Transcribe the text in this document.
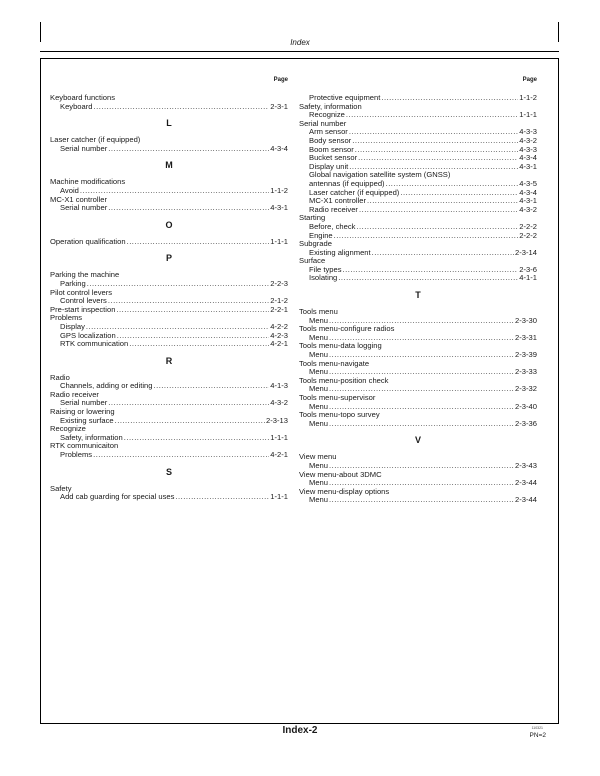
Index
Page
Keyboard functions
Keyboard .....	2-3-1
L
Laser catcher (if equipped)
Serial number .....	4-3-4
M
Machine modifications
Avoid .....	1-1-2
MC-X1 controller
Serial number .....	4-3-1
O
Operation qualification .....	1-1-1
P
Parking the machine
Parking .....	2-2-3
Pilot control levers
Control levers .....	2-1-2
Pre-start inspection .....	2-2-1
Problems
Display .....	4-2-2
GPS localization .....	4-2-3
RTK communication .....	4-2-1
R
Radio
Channels, adding or editing .....	4-1-3
Radio receiver
Serial number .....	4-3-2
Raising or lowering
Existing surface .....	2-3-13
Recognize
Safety, information .....	1-1-1
RTK communicaiton
Problems .....	4-2-1
S
Safety
Add cab guarding for special uses .....	1-1-1
Page
Protective equipment .....	1-1-2
Safety, information
Recognize .....	1-1-1
Serial number
Arm sensor .....	4-3-3
Body sensor .....	4-3-2
Boom sensor .....	4-3-3
Bucket sensor .....	4-3-4
Display unit .....	4-3-1
Global navigation satellite system (GNSS)
antennas (if equipped) .....	4-3-5
Laser catcher (if equipped) .....	4-3-4
MC-X1 controller .....	4-3-1
Radio receiver .....	4-3-2
Starting
Before, check .....	2-2-2
Engine .....	2-2-2
Subgrade
Existing alignment .....	2-3-14
Surface
File types .....	2-3-6
Isolating .....	4-1-1
T
Tools menu
Menu .....	2-3-30
Tools menu-configure radios
Menu .....	2-3-31
Tools menu-data logging
Menu .....	2-3-39
Tools menu-navigate
Menu .....	2-3-33
Tools menu-position check
Menu .....	2-3-32
Tools menu-supervisor
Menu .....	2-3-40
Tools menu-topo survey
Menu .....	2-3-36
V
View menu
Menu .....	2-3-43
View menu-about 3DMC
Menu .....	2-3-44
View menu-display options
Menu .....	2-3-44
Index-2	110321
PN=2
